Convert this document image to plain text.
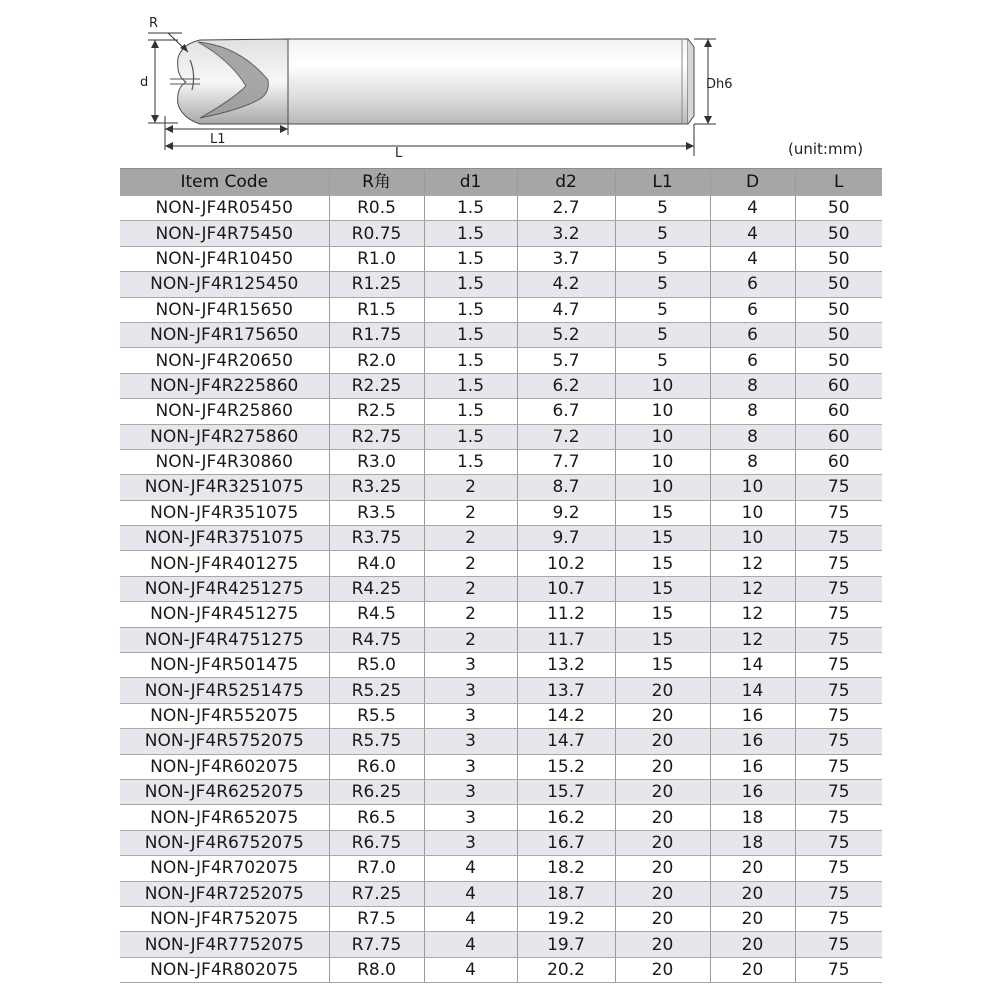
R
d
L1
L
Dh6
(unit:mm)
Item Code	R角	d1	d2	L1	D	L
NON-JF4R05450	R0.5	1.5	2.7	5	4	50
NON-JF4R75450	R0.75	1.5	3.2	5	4	50
NON-JF4R10450	R1.0	1.5	3.7	5	4	50
NON-JF4R125450	R1.25	1.5	4.2	5	6	50
NON-JF4R15650	R1.5	1.5	4.7	5	6	50
NON-JF4R175650	R1.75	1.5	5.2	5	6	50
NON-JF4R20650	R2.0	1.5	5.7	5	6	50
NON-JF4R225860	R2.25	1.5	6.2	10	8	60
NON-JF4R25860	R2.5	1.5	6.7	10	8	60
NON-JF4R275860	R2.75	1.5	7.2	10	8	60
NON-JF4R30860	R3.0	1.5	7.7	10	8	60
NON-JF4R3251075	R3.25	2	8.7	10	10	75
NON-JF4R351075	R3.5	2	9.2	15	10	75
NON-JF4R3751075	R3.75	2	9.7	15	10	75
NON-JF4R401275	R4.0	2	10.2	15	12	75
NON-JF4R4251275	R4.25	2	10.7	15	12	75
NON-JF4R451275	R4.5	2	11.2	15	12	75
NON-JF4R4751275	R4.75	2	11.7	15	12	75
NON-JF4R501475	R5.0	3	13.2	15	14	75
NON-JF4R5251475	R5.25	3	13.7	20	14	75
NON-JF4R552075	R5.5	3	14.2	20	16	75
NON-JF4R5752075	R5.75	3	14.7	20	16	75
NON-JF4R602075	R6.0	3	15.2	20	16	75
NON-JF4R6252075	R6.25	3	15.7	20	16	75
NON-JF4R652075	R6.5	3	16.2	20	18	75
NON-JF4R6752075	R6.75	3	16.7	20	18	75
NON-JF4R702075	R7.0	4	18.2	20	20	75
NON-JF4R7252075	R7.25	4	18.7	20	20	75
NON-JF4R752075	R7.5	4	19.2	20	20	75
NON-JF4R7752075	R7.75	4	19.7	20	20	75
NON-JF4R802075	R8.0	4	20.2	20	20	75
